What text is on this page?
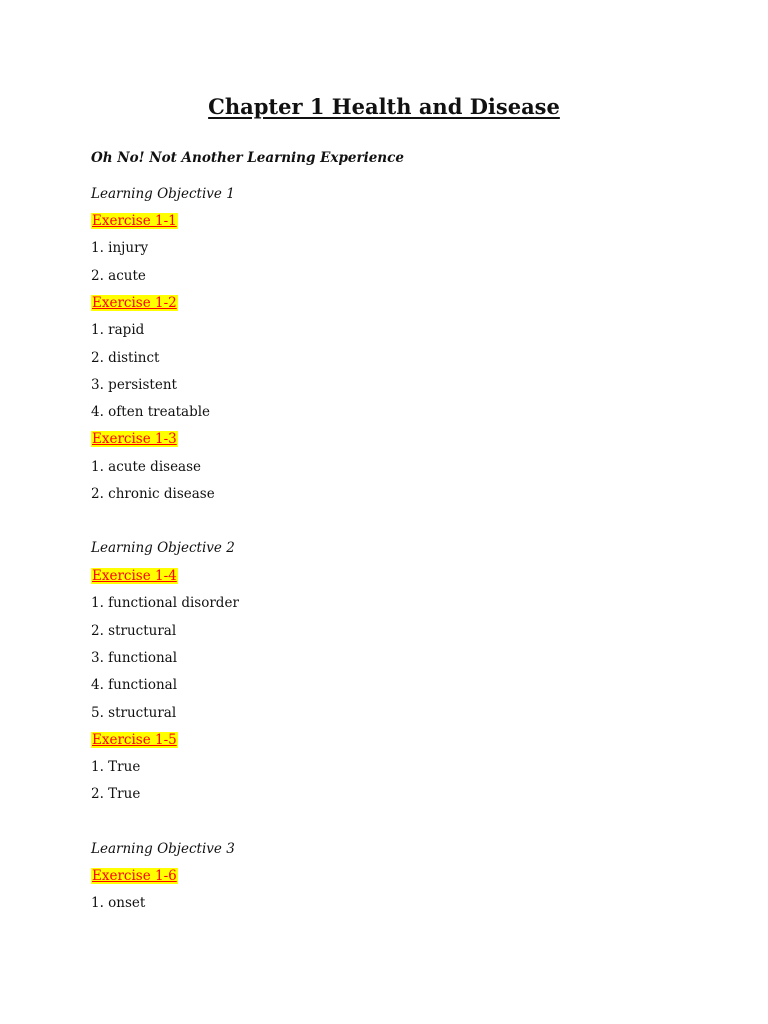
Chapter 1 Health and Disease
Oh No! Not Another Learning Experience
Learning Objective 1
Exercise 1-1
1. injury
2. acute
Exercise 1-2
1. rapid
2. distinct
3. persistent
4. often treatable
Exercise 1-3
1. acute disease
2. chronic disease
Learning Objective 2
Exercise 1-4
1. functional disorder
2. structural
3. functional
4. functional
5. structural
Exercise 1-5
1. True
2. True
Learning Objective 3
Exercise 1-6
1. onset
